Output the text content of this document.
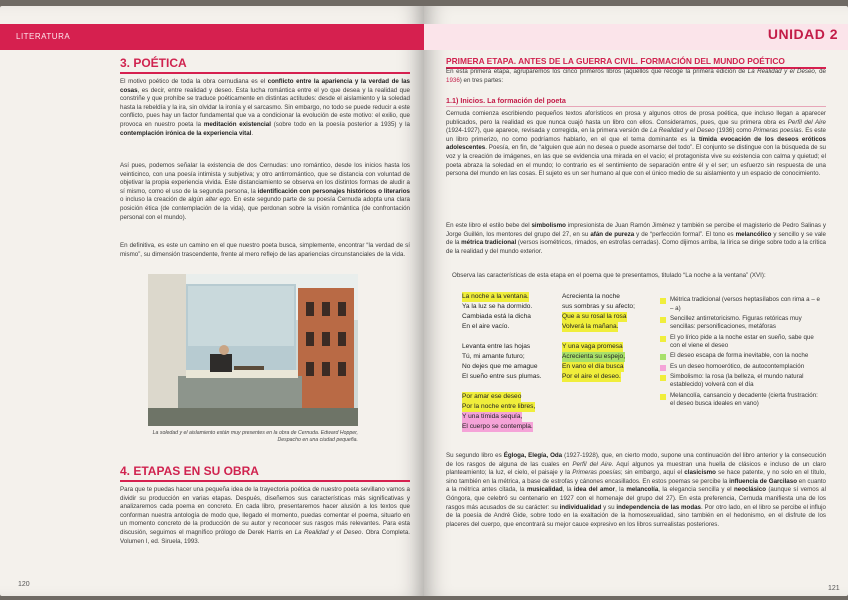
LITERATURA
3. POÉTICA

El motivo poético de toda la obra cernudiana es el conflicto entre la apariencia y la verdad de las cosas, es decir, entre realidad y deseo. Esta lucha romántica entre el yo que desea y la realidad que constriñe y que prohíbe se traduce poéticamente en distintas actitudes: desde el aislamiento y la soledad hasta la rebeldía y la ira, sin olvidar la ironía y el sarcasmo. Sin embargo, no todo se puede reducir a este conflicto, pues hay un factor fundamental que va a condicionar la evolución de este motivo: el exilio, que provoca en nuestro poeta la meditación existencial (sobre todo en la poesía posterior a 1935) y la contemplación irónica de la experiencia vital.

Así pues, podemos señalar la existencia de dos Cernudas: uno romántico, desde los inicios hasta los veinticinco, con una poesía intimista y subjetiva; y otro antirromántico, que se distancia con voluntad de objetivar la propia experiencia vivida. Este distanciamiento se observa en los distintos formas de aludir a sí mismo, como el uso de la segunda persona, la identificación con personajes históricos o literarios o incluso la creación de algún alter ego. En este segundo parte de su poesía Cernuda adopta una clara posición ética (de contemplación de la vida), que perdonan sobre la visión romántica (de confrontación personal con el mundo).

En definitiva, es este un camino en el que nuestro poeta busca, simplemente, encontrar “la verdad de sí mismo”, su dimensión trascendente, frente al mero reflejo de las apariencias circunstanciales de la vida.

La soledad y el aislamiento están muy presentes en la obra de Cernuda. Edward Hopper,
Despacho en una ciudad pequeña.
4. ETAPAS EN SU OBRA

Para que te puedas hacer una pequeña idea de la trayectoria poética de nuestro poeta sevillano vamos a dividir su producción en varias etapas. Después, diseñemos sus características más significativas y analizaremos cada poema en concreto. En cada libro, presentaremos hacer alusión a los textos que conforman nuestra antología de modo que, llegado el momento, puedas comentar el poema, situarlo en un momento concreto de la producción de su autor y reconocer sus rasgos más relevantes. Para esta discusión, seguimos el magnífico prólogo de Derek Harris en La Realidad y el Deseo. Obra Completa. Volumen I, ed. Siruela, 1993.

120
UNIDAD 2
PRIMERA ETAPA. ANTES DE LA GUERRA CIVIL. FORMACIÓN DEL MUNDO POÉTICO

En esta primera etapa, agruparemos los cinco primeros libros (aquellos que recoge la primera edición de La Realidad y el Deseo, de 1936) en tres partes:

1.1) Inicios. La formación del poeta

Cernuda comienza escribiendo pequeños textos aforísticos en prosa y algunos otros de prosa poética, que incluso llegan a aparecer publicados, pero la realidad es que nunca cuajó hasta un libro con ellos. Consideramos, pues, que su primera obra es Perfil del Aire (1924-1927), que aparece, revisada y corregida, en la primera versión de La Realidad y el Deseo (1936) como Primeras poesías. Es este un libro primerizo, no como podríamos hablarlo, en el que el tema dominante es la tímida evocación de los deseos eróticos adolescentes. Poesía, en fin, de “alguien que aún no desea o puede asomarse del todo”. El conjunto se distingue con la búsqueda de su voz y la creación de imágenes, en las que se evidencia una mirada en el vacío; el protagonista vive su existencia con calma y quietud; el poeta abraza la soledad en el mundo; lo contrario es el sentimiento de separación entre él y el ser; un esfuerzo sin respuesta de una persona del mundo en las cosas. El sujeto es un ser humano al que con el único medio de su aislamiento y un espacio de conocimiento.

En este libro el estilo bebe del simbolismo impresionista de Juan Ramón Jiménez y también se percibe el magisterio de Pedro Salinas y Jorge Guillén, los mentores del grupo del 27, en su afán de pureza y de “perfección formal”. El tono es melancólico y sencillo y se vale de la métrica tradicional (versos isométricos, rimados, en estrofas cerradas). Como dijimos arriba, la lírica se dirige sobre todo a la crítica de la realidad y del mundo exterior.

Observa las características de esta etapa en el poema que te presentamos, titulado “La noche a la ventana” (XVI):

La noche a la ventana.
Ya la luz se ha dormido.
Cambiada está la dicha
En el aire vacío.

Levanta entre las hojas
Tú, mi amante futuro;
No dejes que me amague
El sueño entre sus plumas.

Por amar ese deseo
Por la noche entre libres,
Y una tímida sequía,
El cuerpo se contempla.
Acrecienta la noche
sus sombras y su afecto;
Que a su rosal la rosa
Volverá la mañana.

Y una vaga promesa
Acrecienta su espejo,
En vano el día busca
Por el aire el deseo.
Métrica tradicional (versos heptasílabos con rima a – e – a)
Sencillez antirretoricismo. Figuras retóricas muy sencillas: personificaciones, metáforas
El yo lírico pide a la noche estar en sueño, sabe que con el viene el deseo
El deseo escapa de forma inevitable, con la noche
Es un deseo homoerótico, de autocontemplación
Simbolismo: la rosa (la belleza, el mundo natural establecido) volverá con el día
Melancolía, cansancio y decadente (cierta frustración: el deseo busca ideales en vano)

Su segundo libro es Égloga, Elegía, Oda (1927-1928), que, en cierto modo, supone una continuación del libro anterior y la consecución de los rasgos de alguna de las cuales en Perfil del Aire. Aquí algunos ya muestran una huella de clásicos e incluso de un claro planteamiento; la luz, el cielo, el paisaje y la Primeras poesías; sin embargo, aquí el clasicismo se hace patente, y no solo en el título, sino también en la métrica, a base de estrofas y cánones encasillados. En estos poemas se percibe la influencia de Garcilaso en cuanto a la métrica antes citada, la musicalidad, la idea del amor, la melancolía, la elegancia sencilla y el neoclásico (aunque sí vemos al Góngora, que celebró su centenario en 1927 con el homenaje del grupo del 27). En esta preferencia, Cernuda manifiesta una de los rasgos más acusados de su carácter: su individualidad y su independencia de las modas. Por otro lado, en el libro se percibe el influjo de la poesía de André Gide, sobre todo en la exaltación de la homosexualidad, sino también en el hedonismo, en el disfrute de los placeres del cuerpo, que encontrará su mejor cauce expresivo en los libros surrealistas posteriores.

121
